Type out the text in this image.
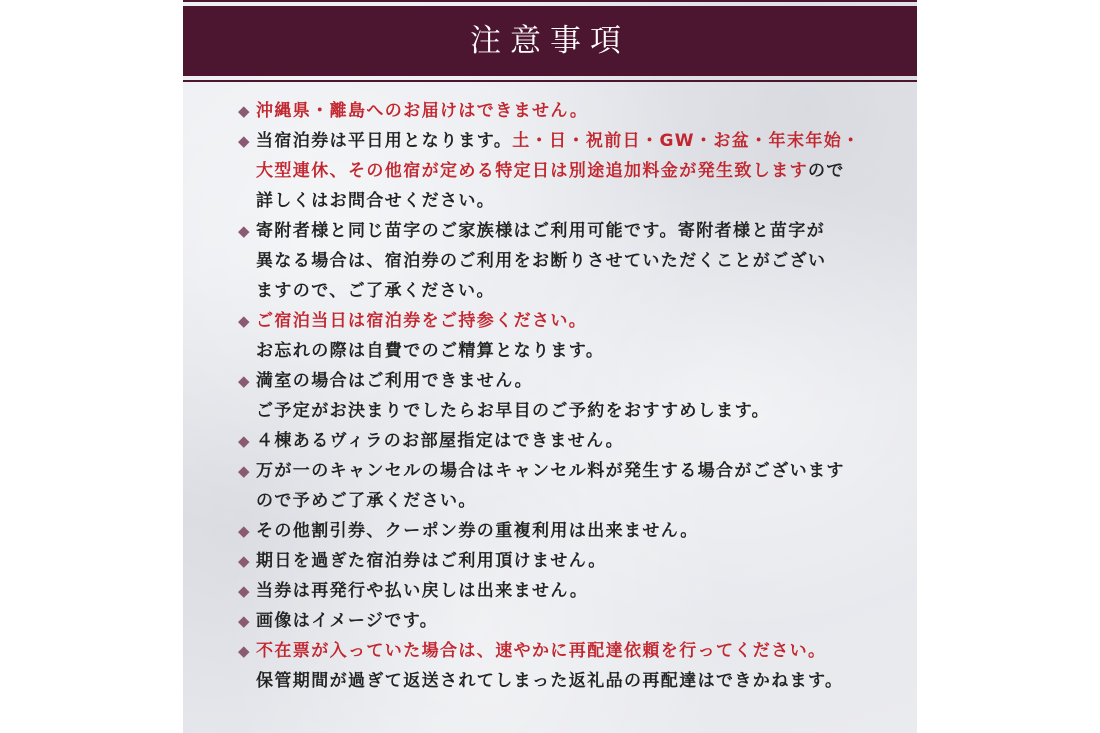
注意事項
◆ 沖縄県・離島へのお届けはできません。
◆ 当宿泊券は平日用となります。土・日・祝前日・GW・お盆・年末年始・
大型連休、その他宿が定める特定日は別途追加料金が発生致しますので
詳しくはお問合せください。
◆ 寄附者様と同じ苗字のご家族様はご利用可能です。寄附者様と苗字が
異なる場合は、宿泊券のご利用をお断りさせていただくことがござい
ますので、ご了承ください。
◆ ご宿泊当日は宿泊券をご持参ください。
お忘れの際は自費でのご精算となります。
◆ 満室の場合はご利用できません。
ご予定がお決まりでしたらお早目のご予約をおすすめします。
◆ ４棟あるヴィラのお部屋指定はできません。
◆ 万が一のキャンセルの場合はキャンセル料が発生する場合がございます
ので予めご了承ください。
◆ その他割引券、クーポン券の重複利用は出来ません。
◆ 期日を過ぎた宿泊券はご利用頂けません。
◆ 当券は再発行や払い戻しは出来ません。
◆ 画像はイメージです。
◆ 不在票が入っていた場合は、速やかに再配達依頼を行ってください。
保管期間が過ぎて返送されてしまった返礼品の再配達はできかねます。
